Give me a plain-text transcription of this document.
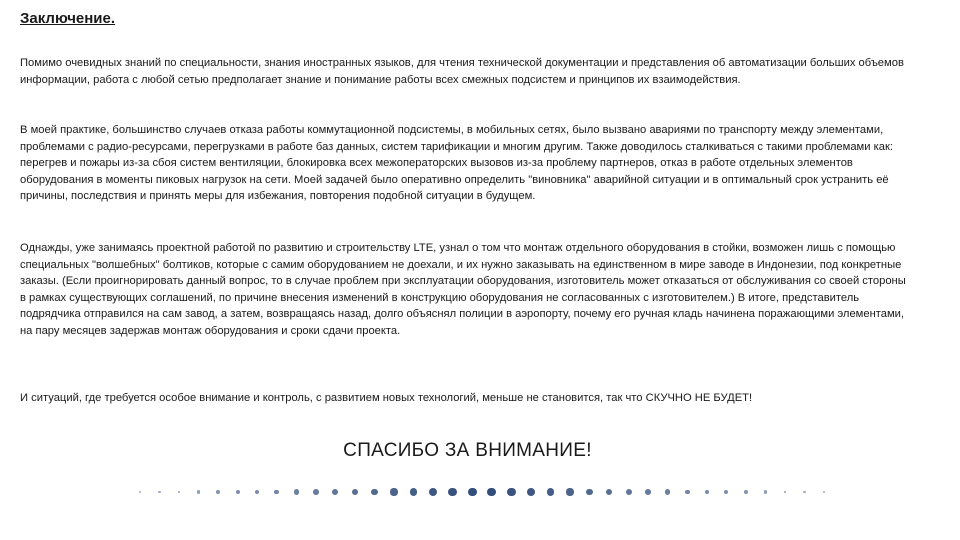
Заключение.

Помимо очевидных знаний по специальности, знания иностранных языков, для чтения технической документации и представления об автоматизации больших объемов информации, работа с любой сетью предполагает знание и понимание работы всех смежных подсистем и принципов их взаимодействия.

В моей практике, большинство случаев отказа работы коммутационной подсистемы, в мобильных сетях, было вызвано авариями по транспорту между элементами, проблемами с радио-ресурсами, перегрузками в работе баз данных, систем тарификации и многим другим. Также доводилось сталкиваться с такими проблемами как: перегрев и пожары из-за сбоя систем вентиляции, блокировка всех межоператорских вызовов из-за проблему партнеров, отказ в работе отдельных элементов оборудования в моменты пиковых нагрузок на сети. Моей задачей было оперативно определить "виновника" аварийной ситуации и в оптимальный срок устранить её причины, последствия и принять меры для избежания, повторения подобной ситуации в будущем.

Однажды, уже занимаясь проектной работой по развитию и строительству LTE, узнал о том что монтаж отдельного оборудования в стойки, возможен лишь с помощью специальных "волшебных" болтиков, которые с самим оборудованием не доехали, и их нужно заказывать на единственном в мире заводе в Индонезии, под конкретные заказы. (Если проигнорировать данный вопрос, то в случае проблем при эксплуатации оборудования, изготовитель может отказаться от обслуживания со своей стороны в рамках существующих соглашений, по причине внесения изменений в конструкцию оборудования не согласованных с изготовителем.) В итоге, представитель подрядчика отправился на сам завод, а затем, возвращаясь назад, долго объяснял полиции в аэропорту, почему его ручная кладь начинена поражающими элементами, на пару месяцев задержав монтаж оборудования и сроки сдачи проекта.

И ситуаций, где требуется особое внимание и контроль, с развитием новых технологий, меньше не становится, так что СКУЧНО НЕ БУДЕТ!

СПАСИБО ЗА ВНИМАНИЕ!
